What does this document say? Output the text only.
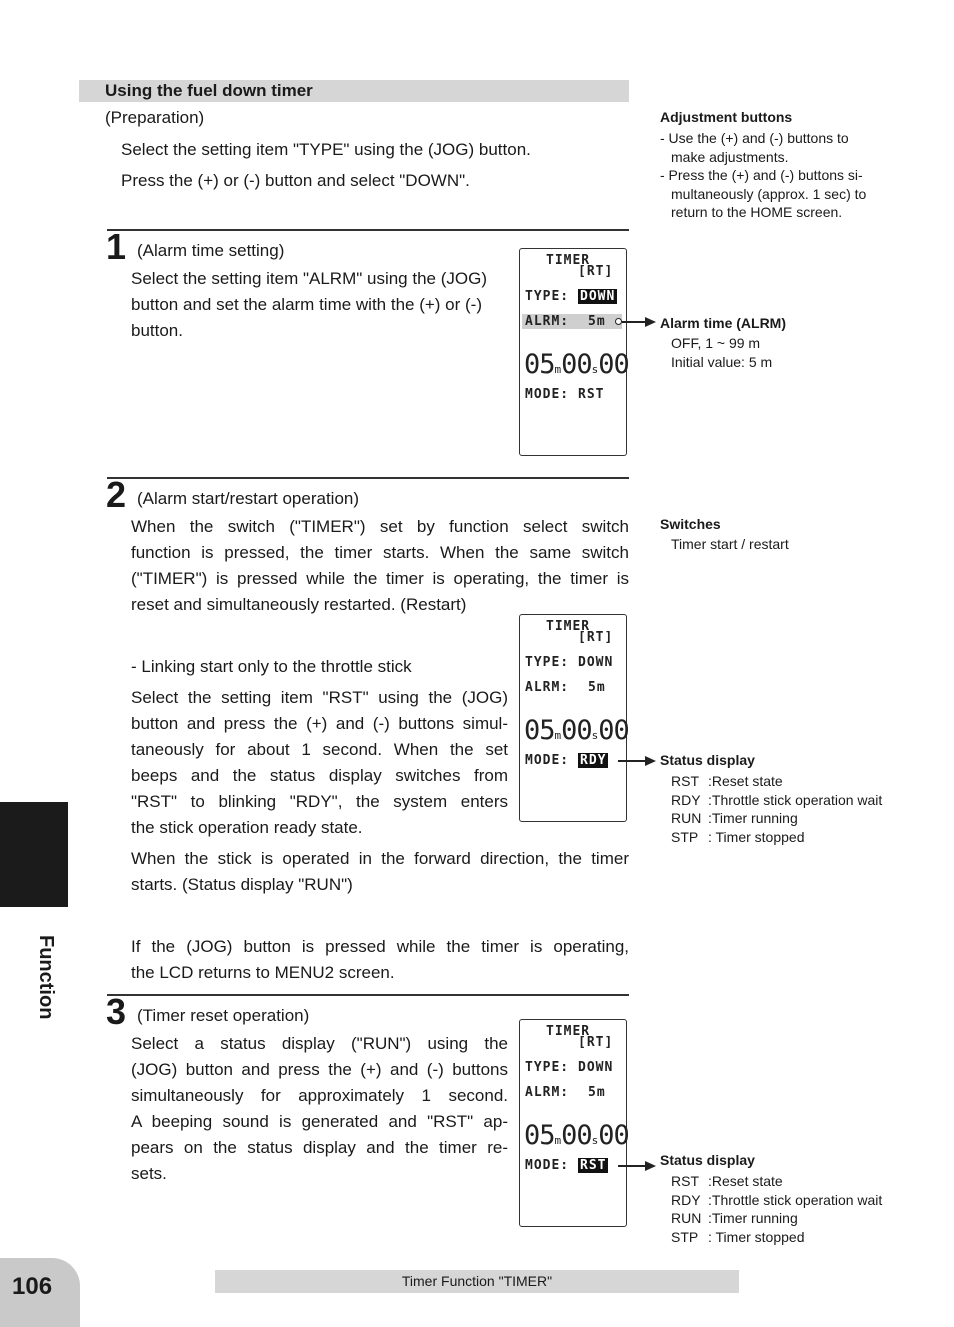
Using the fuel down timer
(Preparation)
Select the setting item "TYPE" using the (JOG) button.
Press the (+) or (-) button and select "DOWN".
Adjustment buttons
- Use the (+) and (-) buttons to
make adjustments.
- Press the (+) and (-) buttons si-
multaneously (approx. 1 sec) to
return to the HOME screen.
1 (Alarm time setting)
Select the setting item "ALRM" using the (JOG)
button and set the alarm time with the (+) or (-)
button.
TIMER
[RT]
TYPE: DOWN
ALRM: 5m
05m00s00
MODE: RST
Alarm time (ALRM)
OFF, 1 ~ 99 m
Initial value: 5 m
2 (Alarm start/restart operation)
When the switch ("TIMER") set by function select switch
function is pressed, the timer starts. When the same switch
("TIMER") is pressed while the timer is operating, the timer is
reset and simultaneously restarted. (Restart)
- Linking start only to the throttle stick
Select the setting item "RST" using the (JOG)
button and press the (+) and (-) buttons simul-
taneously for about 1 second. When the set
beeps and the status display switches from
"RST" to blinking "RDY", the system enters
the stick operation ready state.
When the stick is operated in the forward direction, the timer
starts. (Status display "RUN")
If the (JOG) button is pressed while the timer is operating,
the LCD returns to MENU2 screen.
Switches
Timer start / restart
TIMER
[RT]
TYPE: DOWN
ALRM: 5m
05m00s00
MODE: RDY	Status display
RST :Reset state
RDY :Throttle stick operation wait
RUN :Timer running
STP : Timer stopped
3 (Timer reset operation)
Select a status display ("RUN") using the
(JOG) button and press the (+) and (-) buttons
simultaneously for approximately 1 second.
A beeping sound is generated and "RST" ap-
pears on the status display and the timer re-
sets.
TIMER
[RT]
TYPE: DOWN
ALRM: 5m
05m00s00
MODE: RST	Status display
RST :Reset state
RDY :Throttle stick operation wait
RUN :Timer running
STP : Timer stopped
Function
106	Timer Function "TIMER"
